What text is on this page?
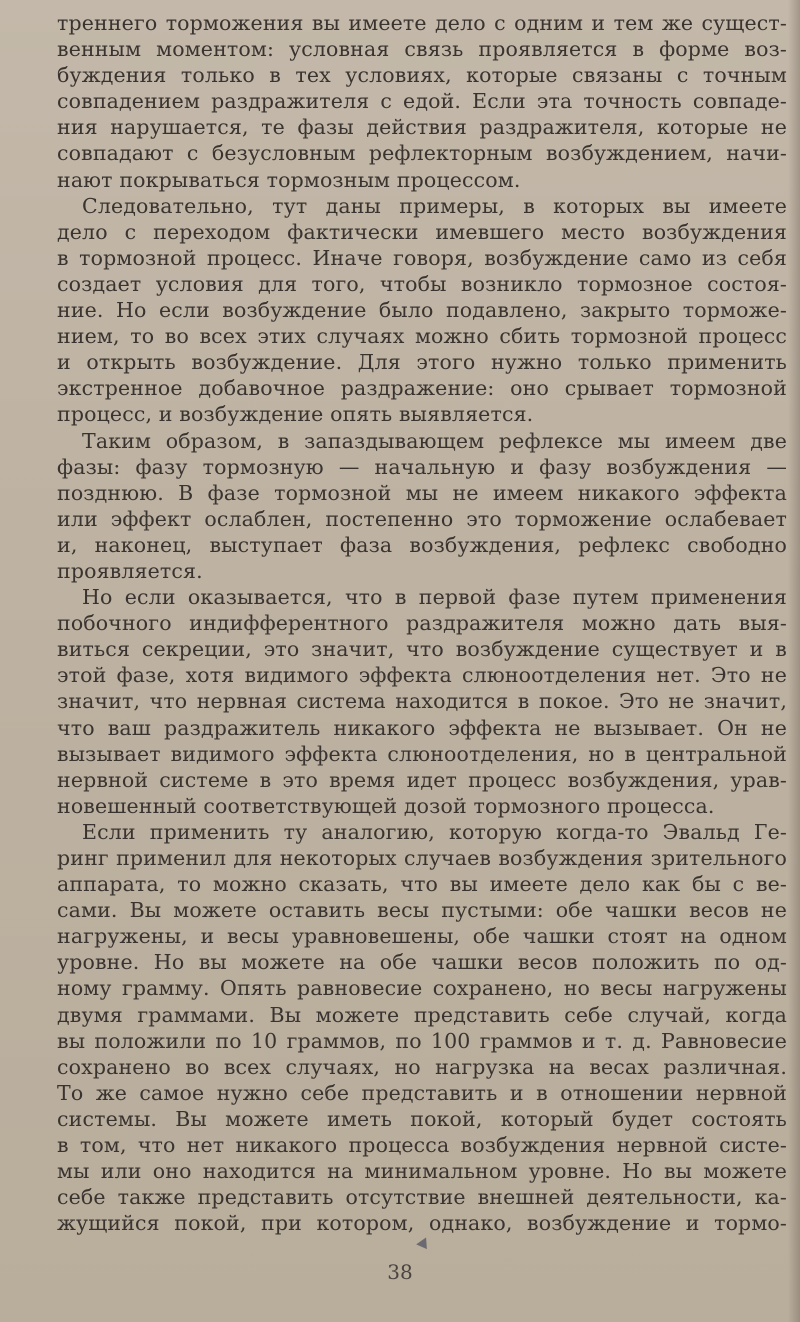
треннего торможения вы имеете дело с одним и тем же сущест-
венным моментом: условная связь проявляется в форме воз-
буждения только в тех условиях, которые связаны с точным
совпадением раздражителя с едой. Если эта точность совпаде-
ния нарушается, те фазы действия раздражителя, которые не
совпадают с безусловным рефлекторным возбуждением, начи-
нают покрываться тормозным процессом.
Следовательно, тут даны примеры, в которых вы имеете
дело с переходом фактически имевшего место возбуждения
в тормозной процесс. Иначе говоря, возбуждение само из себя
создает условия для того, чтобы возникло тормозное состоя-
ние. Но если возбуждение было подавлено, закрыто торможе-
нием, то во всех этих случаях можно сбить тормозной процесс
и открыть возбуждение. Для этого нужно только применить
экстренное добавочное раздражение: оно срывает тормозной
процесс, и возбуждение опять выявляется.
Таким образом, в запаздывающем рефлексе мы имеем две
фазы: фазу тормозную — начальную и фазу возбуждения —
позднюю. В фазе тормозной мы не имеем никакого эффекта
или эффект ослаблен, постепенно это торможение ослабевает
и, наконец, выступает фаза возбуждения, рефлекс свободно
проявляется.
Но если оказывается, что в первой фазе путем применения
побочного индифферентного раздражителя можно дать выя-
виться секреции, это значит, что возбуждение существует и в
этой фазе, хотя видимого эффекта слюноотделения нет. Это не
значит, что нервная система находится в покое. Это не значит,
что ваш раздражитель никакого эффекта не вызывает. Он не
вызывает видимого эффекта слюноотделения, но в центральной
нервной системе в это время идет процесс возбуждения, урав-
новешенный соответствующей дозой тормозного процесса.
Если применить ту аналогию, которую когда-то Эвальд Ге-
ринг применил для некоторых случаев возбуждения зрительного
аппарата, то можно сказать, что вы имеете дело как бы с ве-
сами. Вы можете оставить весы пустыми: обе чашки весов не
нагружены, и весы уравновешены, обе чашки стоят на одном
уровне. Но вы можете на обе чашки весов положить по од-
ному грамму. Опять равновесие сохранено, но весы нагружены
двумя граммами. Вы можете представить себе случай, когда
вы положили по 10 граммов, по 100 граммов и т. д. Равновесие
сохранено во всех случаях, но нагрузка на весах различная.
То же самое нужно себе представить и в отношении нервной
системы. Вы можете иметь покой, который будет состоять
в том, что нет никакого процесса возбуждения нервной систе-
мы или оно находится на минимальном уровне. Но вы можете
себе также представить отсутствие внешней деятельности, ка-
жущийся покой, при котором, однако, возбуждение и тормо-
38
